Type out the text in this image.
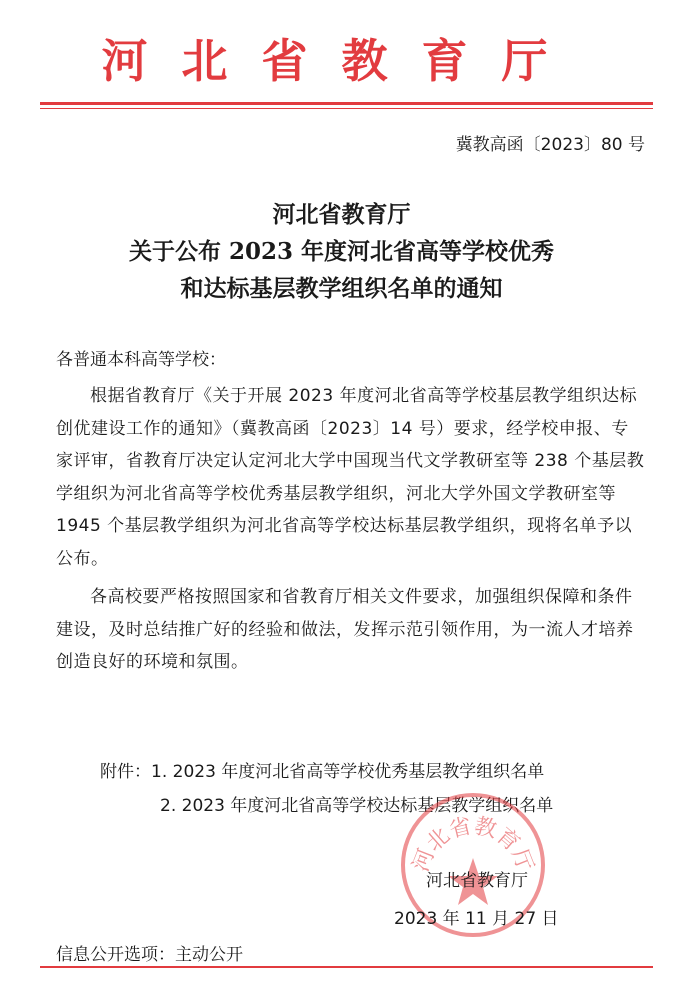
河北省教育厅
冀教高函〔2023〕80 号
河北省教育厅
关于公布 2023 年度河北省高等学校优秀
和达标基层教学组织名单的通知
各普通本科高等学校：

根据省教育厅《关于开展 2023 年度河北省高等学校基层教学组织达标创优建设工作的通知》（冀教高函〔2023〕14 号）要求，经学校申报、专家评审，省教育厅决定认定河北大学中国现当代文学教研室等 238 个基层教学组织为河北省高等学校优秀基层教学组织，河北大学外国文学教研室等 1945 个基层教学组织为河北省高等学校达标基层教学组织，现将名单予以公布。

各高校要严格按照国家和省教育厅相关文件要求，加强组织保障和条件建设，及时总结推广好的经验和做法，发挥示范引领作用，为一流人才培养创造良好的环境和氛围。

附件：1. 2023 年度河北省高等学校优秀基层教学组织名单
2. 2023 年度河北省高等学校达标基层教学组织名单
河北省教育厅
河北省教育厅
2023 年 11 月 27 日
信息公开选项：主动公开
